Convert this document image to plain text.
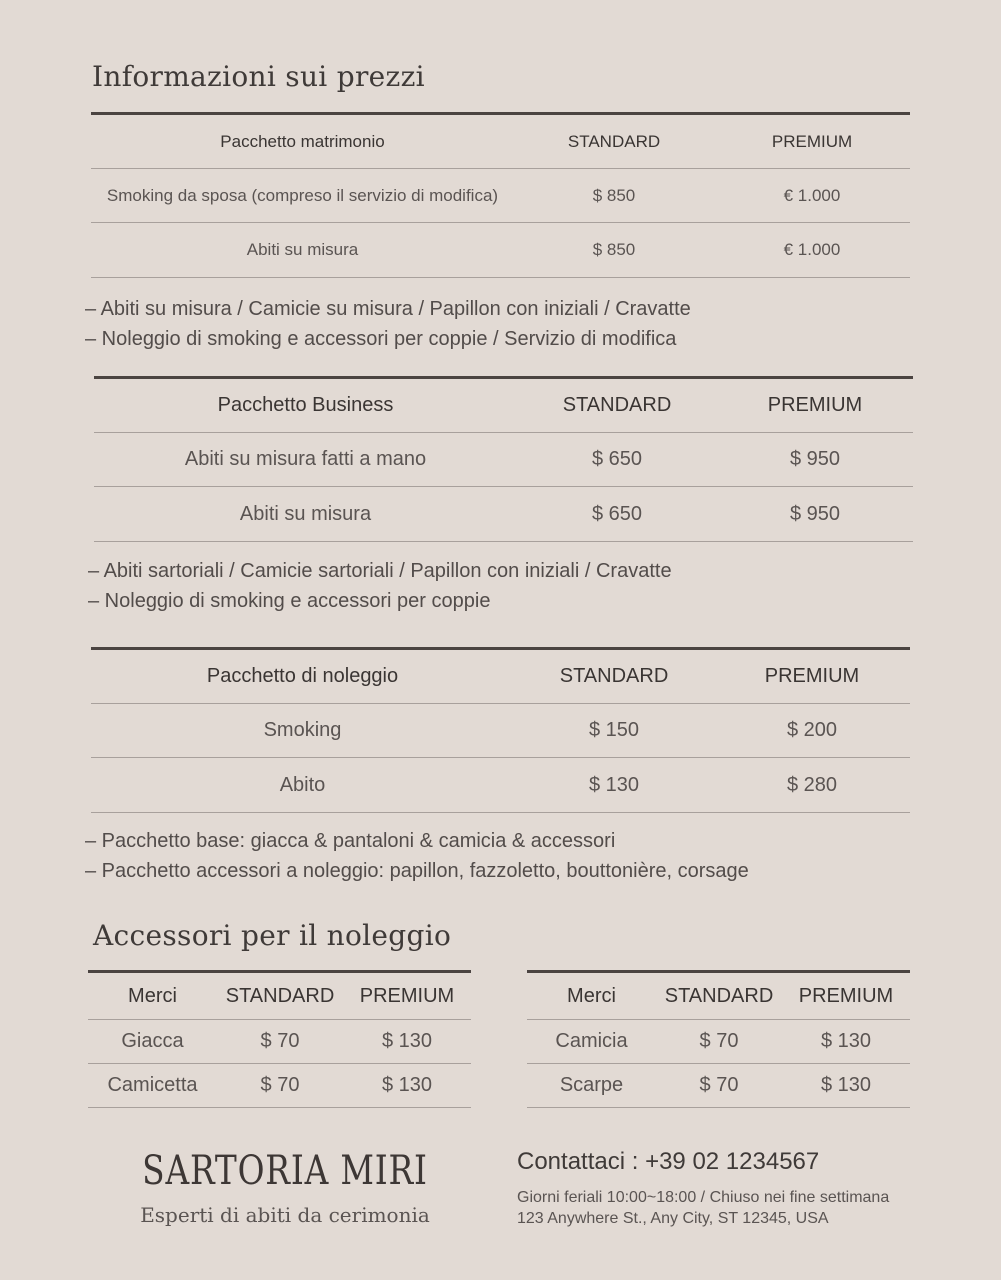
Informazioni sui prezzi
Pacchetto matrimonio	STANDARD	PREMIUM
Smoking da sposa (compreso il servizio di modifica)	$ 850	€ 1.000
Abiti su misura	$ 850	€ 1.000
– Abiti su misura / Camicie su misura / Papillon con iniziali / Cravatte
– Noleggio di smoking e accessori per coppie / Servizio di modifica
Pacchetto Business	STANDARD	PREMIUM
Abiti su misura fatti a mano	$ 650	$ 950
Abiti su misura	$ 650	$ 950
– Abiti sartoriali / Camicie sartoriali / Papillon con iniziali / Cravatte
– Noleggio di smoking e accessori per coppie
Pacchetto di noleggio	STANDARD	PREMIUM
Smoking	$ 150	$ 200
Abito	$ 130	$ 280
– Pacchetto base: giacca & pantaloni & camicia & accessori
– Pacchetto accessori a noleggio: papillon, fazzoletto, bouttonière, corsage
Accessori per il noleggio
Merci	STANDARD	PREMIUM
Giacca	$ 70	$ 130
Camicetta	$ 70	$ 130
Merci	STANDARD	PREMIUM
Camicia	$ 70	$ 130
Scarpe	$ 70	$ 130

SARTORIA MIRI

Esperti di abiti da cerimonia

Contattaci : +39 02 1234567

Giorni feriali 10:00~18:00 / Chiuso nei fine settimana

123 Anywhere St., Any City, ST 12345, USA
